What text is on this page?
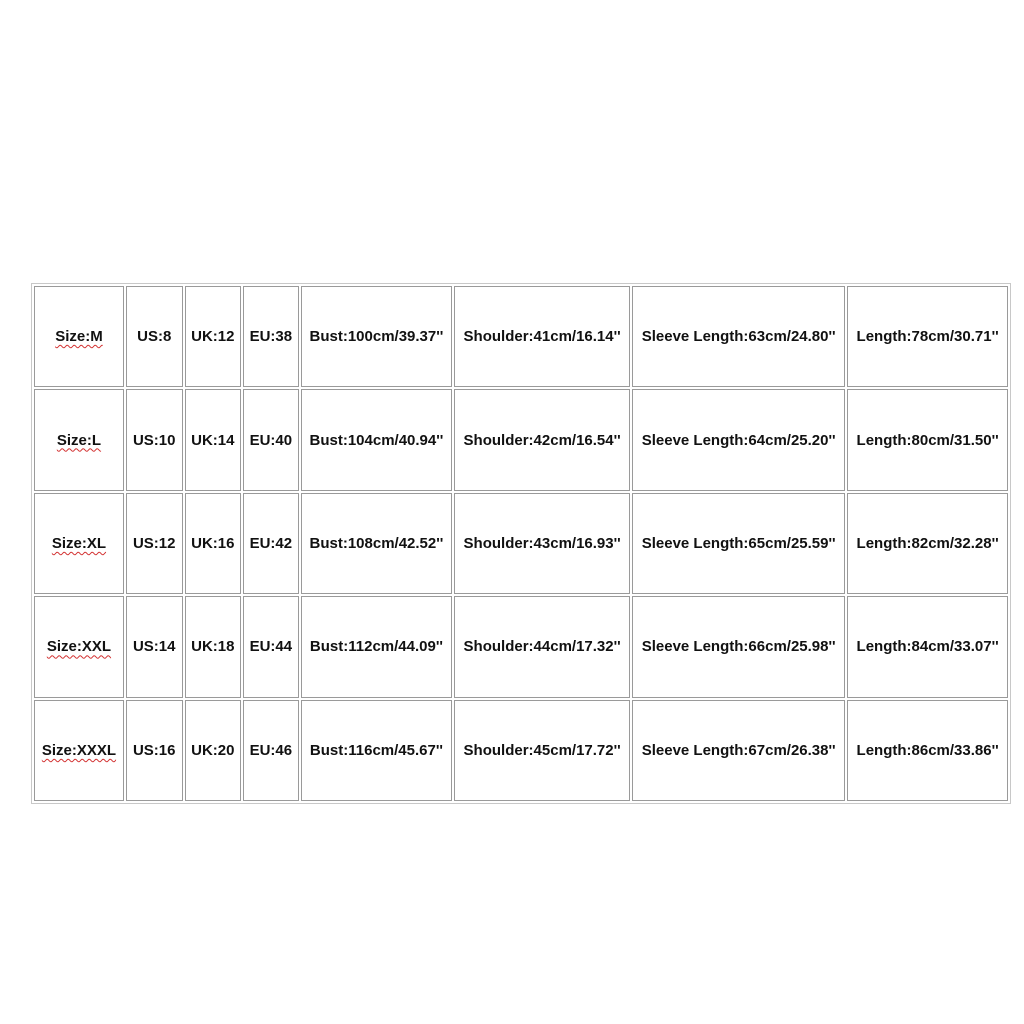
Size:M	US:8	UK:12	EU:38	Bust:100cm/39.37''	Shoulder:41cm/16.14''	Sleeve Length:63cm/24.80''	Length:78cm/30.71''
Size:L	US:10	UK:14	EU:40	Bust:104cm/40.94''	Shoulder:42cm/16.54''	Sleeve Length:64cm/25.20''	Length:80cm/31.50''
Size:XL	US:12	UK:16	EU:42	Bust:108cm/42.52''	Shoulder:43cm/16.93''	Sleeve Length:65cm/25.59''	Length:82cm/32.28''
Size:XXL	US:14	UK:18	EU:44	Bust:112cm/44.09''	Shoulder:44cm/17.32''	Sleeve Length:66cm/25.98''	Length:84cm/33.07''
Size:XXXL	US:16	UK:20	EU:46	Bust:116cm/45.67''	Shoulder:45cm/17.72''	Sleeve Length:67cm/26.38''	Length:86cm/33.86''
